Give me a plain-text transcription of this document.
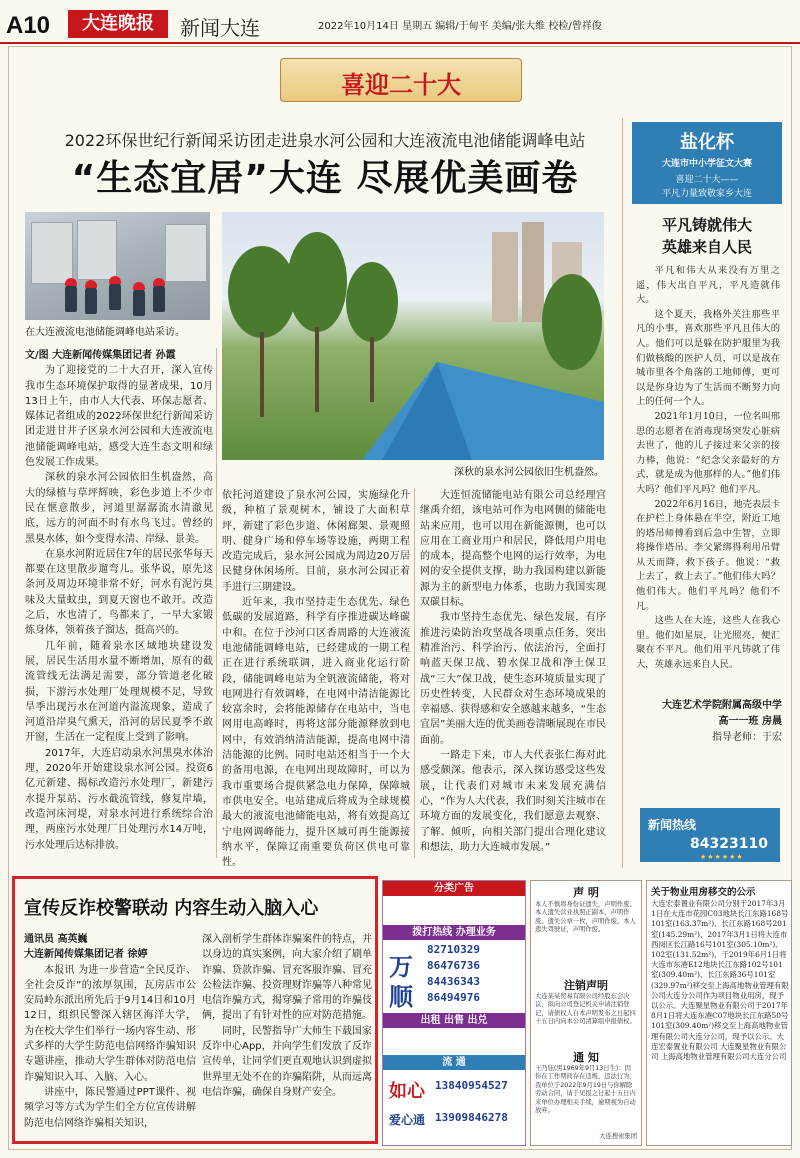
A10	大连晚报	新闻大连	2022年10月14日 星期五 编辑/于甸平 美编/张大维 校检/曾祥俊
喜迎二十大
2022环保世纪行新闻采访团走进泉水河公园和大连液流电池储能调峰电站
“生态宜居”大连 尽展优美画卷
在大连液流电池储能调峰电站采访。
深秋的泉水河公园依旧生机盎然。

文/图 大连新闻传媒集团记者 孙霞

为了迎接党的二十大召开，深入宣传我市生态环境保护取得的显著成果，10月13日上午，由市人大代表、环保志愿者、媒体记者组成的2022环保世纪行新闻采访团走进甘井子区泉水河公园和大连液流电池储能调峰电站，感受大连生态文明和绿色发展工作成果。

深秋的泉水河公园依旧生机盎然，高大的绿植与草坪辉映，彩色步道上不少市民在惬意散步，河道里潺潺流水清澈见底，远方的河面不时有水鸟飞过。曾经的黑臭水体，如今变得水清、岸绿、景美。

在泉水河附近居住7年的居民张华每天都要在这里散步遛弯儿。张华说，原先这条河及周边环境非常不好，河水有泥污臭味及大量蚊虫，到夏天窗也不敢开。改造之后，水也清了，鸟都来了，一早大家锻炼身体，领着孩子溜达，挺高兴的。

几年前，随着泉水区域地块建设发展，居民生活用水量不断增加，原有的截流管线无法满足需要，部分管道老化破损，下游污水处理厂处理规模不足，导致旱季出现污水在河道内溢流现象，造成了河道沿岸臭气熏天，沿河的居民夏季不敢开窗，生活在一定程度上受到了影响。

2017年，大连启动泉水河黑臭水体治理，2020年开始建设泉水河公园。投资6亿元新建、揭标改造污水处理厂，新建污水提升泵站、污水截流管线，修复岸墙，改造河床河堤，对泉水河进行系统综合治理，两座污水处理厂日处理污水14万吨，污水处理后达标排放。

依托河道建设了泉水河公园，实施绿化升级，种植了景观树木，铺设了大面积草坪，新建了彩色步道、休闲廊架、景观照明、健身广场和停车场等设施，两期工程改造完成后，泉水河公园成为周边20万居民健身休闲场所。目前，泉水河公园正着手进行三期建设。

近年来，我市坚持走生态优先、绿色低碳的发展道路，科学有序推进碳达峰碳中和。在位于沙河口区香周路的大连液流电池储能调峰电站，已经建成的一期工程正在进行系统联调，进入商业化运行阶段，储能调峰电站为全钒液流储能，将对电网进行有效调峰，在电网中清洁能源比较富余时，会将能源储存在电站中，当电网用电高峰时，再将这部分能源释放到电网中，有效消纳清洁能源，提高电网中清洁能源的比例。同时电站还相当于一个大的备用电源，在电网出现故障时，可以为我市重要场合提供紧急电力保障，保障城市供电安全。电站建成后将成为全球规模最大的液流电池储能电站，将有效提高辽宁电网调峰能力，提升区域可再生能源接纳水平，保障辽南重要负荷区供电可靠性。

大连恒流储能电站有限公司总经理宫继禹介绍，该电站可作为电网侧的储能电站来应用，也可以用在新能源侧，也可以应用在工商业用户和居民，降低用户用电的成本，提高整个电网的运行效率，为电网的安全提供支撑，助力我国构建以新能源为主的新型电力体系，也助力我国实现双碳目标。

我市坚持生态优先、绿色发展，有序推进污染防治攻坚战各项重点任务，突出精准治污、科学治污、依法治污，全面打响蓝天保卫战、碧水保卫战和净土保卫战“三大”保卫战，使生态环境质量实现了历史性转变，人民群众对生态环境成果的幸福感、获得感和安全感越来越多，“生态宜居”美丽大连的优美画卷清晰展现在市民面前。

一路走下来，市人大代表张仁海对此感受颇深。他表示，深入探访感受这些发展，让代表们对城市未来发展充满信心，“作为人大代表，我们时刻关注城市在环境方面的发展变化，我们愿意去观察、了解、倾听，向相关部门提出合理化建议和想法，助力大连城市发展。”

盐化杯
大连市中小学征文大赛
喜迎二十大——
平凡力量致敬家乡大连
平凡铸就伟大
英雄来自人民

平凡和伟大从来没有万里之遥，伟大出自平凡，平凡造就伟大。

这个夏天，我格外关注那些平凡的小事，喜欢那些平凡且伟大的人。他们可以是躲在防护服里为我们做核酸的医护人员，可以是战在城市里各个角落的工地师傅，更可以是你身边为了生活而不断努力向上的任何一个人。

2021年1月10日，一位名叫邢思的志愿者在消毒现场突发心脏病去世了，他的儿子接过来父亲的接力棒，他说：“纪念父亲最好的方式，就是成为他那样的人。”他们伟大吗？他们平凡吗？他们平凡。

2022年6月16日，地壳表层卡在护栏上身体悬在半空，附近工地的塔吊师傅看到后急中生智，立即将操作塔吊、李父紧绑得利用吊臂从天而降，救下孩子。他说：“救上去了，救上去了。”他们伟大吗？他们伟大。他们平凡吗？他们不凡。

这些人在大连，这些人在我心里。他们如星辰，让光照亮，便汇聚在不平凡。他们用平凡铸就了伟大，英雄永远来自人民。

大连艺术学院附属高级中学
高一一班 房晨
指导老师：于宏
新闻热线
84323110
★★★★★★
宣传反诈校警联动 内容生动入脑入心

通讯员 高英巍

大连新闻传媒集团记者 徐婷

本报讯 为进一步营造“全民反诈、全社会反诈”的浓厚氛围，瓦房店市公安局岭东派出所先后于9月14日和10月12日，组织民警深入辖区海洋大学，为在校大学生们举行一场内容生动、形式多样的大学生防范电信网络诈骗知识专题讲座，推动大学生群体对防范电信诈骗知识入耳、入脑、入心。

讲座中，陈民警通过PPT课件、视频学习等方式为学生们全方位宣传讲解防范电信网络诈骗相关知识，

深入剖析学生群体诈骗案件的特点，并以身边的真实案例，向大家介绍了刷单诈骗、贷款诈骗、冒充客服诈骗、冒充公检法诈骗、投资理财诈骗等八种常见电信诈骗方式，揭穿骗子常用的诈骗伎俩，提出了有针对性的应对防范措施。

同时，民警指导广大师生下载国家反诈中心App，并向学生们发放了反诈宣传单，让同学们更直观地认识到虚拟世界里无处不在的诈骗陷阱，从而远离电信诈骗，确保自身财产安全。

分类广告
拨打热线 办理业务
万
顺
82710329
86476736
84436343
86494976
出租 出售 出兑
流 通
如心 13840954527
爱心通 13909846278
声 明
本人不慎将身份证遗失，声明作废。本人遗失营业执照正副本，声明作废。遗失公章一枚，声明作废。本人遗失驾驶证，声明作废。
注销声明
大连某某贸易有限公司经股东会决议，拟向公司登记机关申请注销登记，请债权人自本声明发布之日起四十五日内向本公司清算组申报债权。
通 知
王乃钰(男1969年9月13日生)：因你在工作期间存在违规，违法行为，我单位于2022年9月19日与你解除劳动合同，请于见报之日起十五日内来单位办理相关手续，逾期视为自动放弃。
大连搜索集团
关于物业用房移交的公示
大连宏泰置业有限公司分别于2017年3月1日在大连市花园C03地块长江东路168号101室(163.37m²)、长江东路168号201室(145.29m²)、2017年3月1日将大连市西岗区长江路16号101室(305.10m²)、102室(131.52m²)，于2019年6月1日将大连市东港E12地块长江东路102号101室(309.40m²)、长江东路36号101室(329.97m²)移交至上海高地物业管理有限公司大连分公司作为项目物业用房，现予以公示。大连聚星物业有限公司于2017年8月1日将大连东港C07地块长江东路50号101室(309.40m²)移交至上海高地物业管理有限公司大连分公司，现予以公示。大连宏泰置业有限公司 大连聚星物业有限公司 上海高地物业管理有限公司大连分公司
